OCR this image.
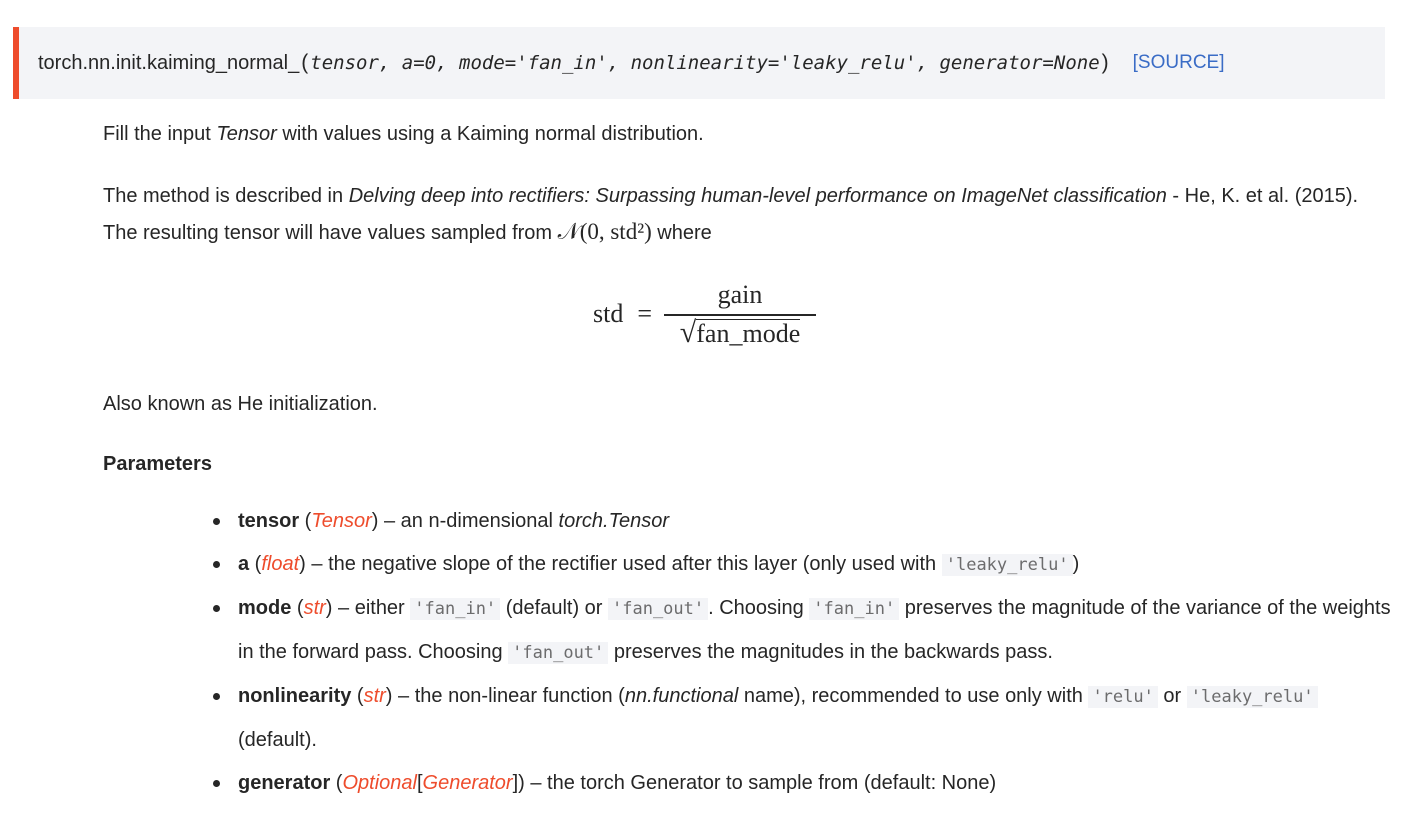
torch.nn.init.kaiming_normal_ ( tensor, a=0, mode='fan_in', nonlinearity='leaky_relu', generator=None ) [SOURCE]

Fill the input Tensor with values using a Kaiming normal distribution.

The method is described in Delving deep into rectifiers: Surpassing human-level performance on ImageNet classification - He, K. et al. (2015). The resulting tensor will have values sampled from 𝒩(0, std²) where

std = $\frac{\text{gain}}{\text{√ fan\_mode}}$

Also known as He initialization.

Parameters
tensor (Tensor) – an n-dimensional torch.Tensor
a (float) – the negative slope of the rectifier used after this layer (only used with 'leaky_relu' )
mode (str) – either 'fan_in' (default) or 'fan_out' . Choosing 'fan_in' preserves the magnitude of the variance of the weights in the forward pass. Choosing 'fan_out' preserves the magnitudes in the backwards pass.
nonlinearity (str) – the non-linear function (nn.functional name), recommended to use only with 'relu' or 'leaky_relu' (default).
generator (Optional[Generator]) – the torch Generator to sample from (default: None)
